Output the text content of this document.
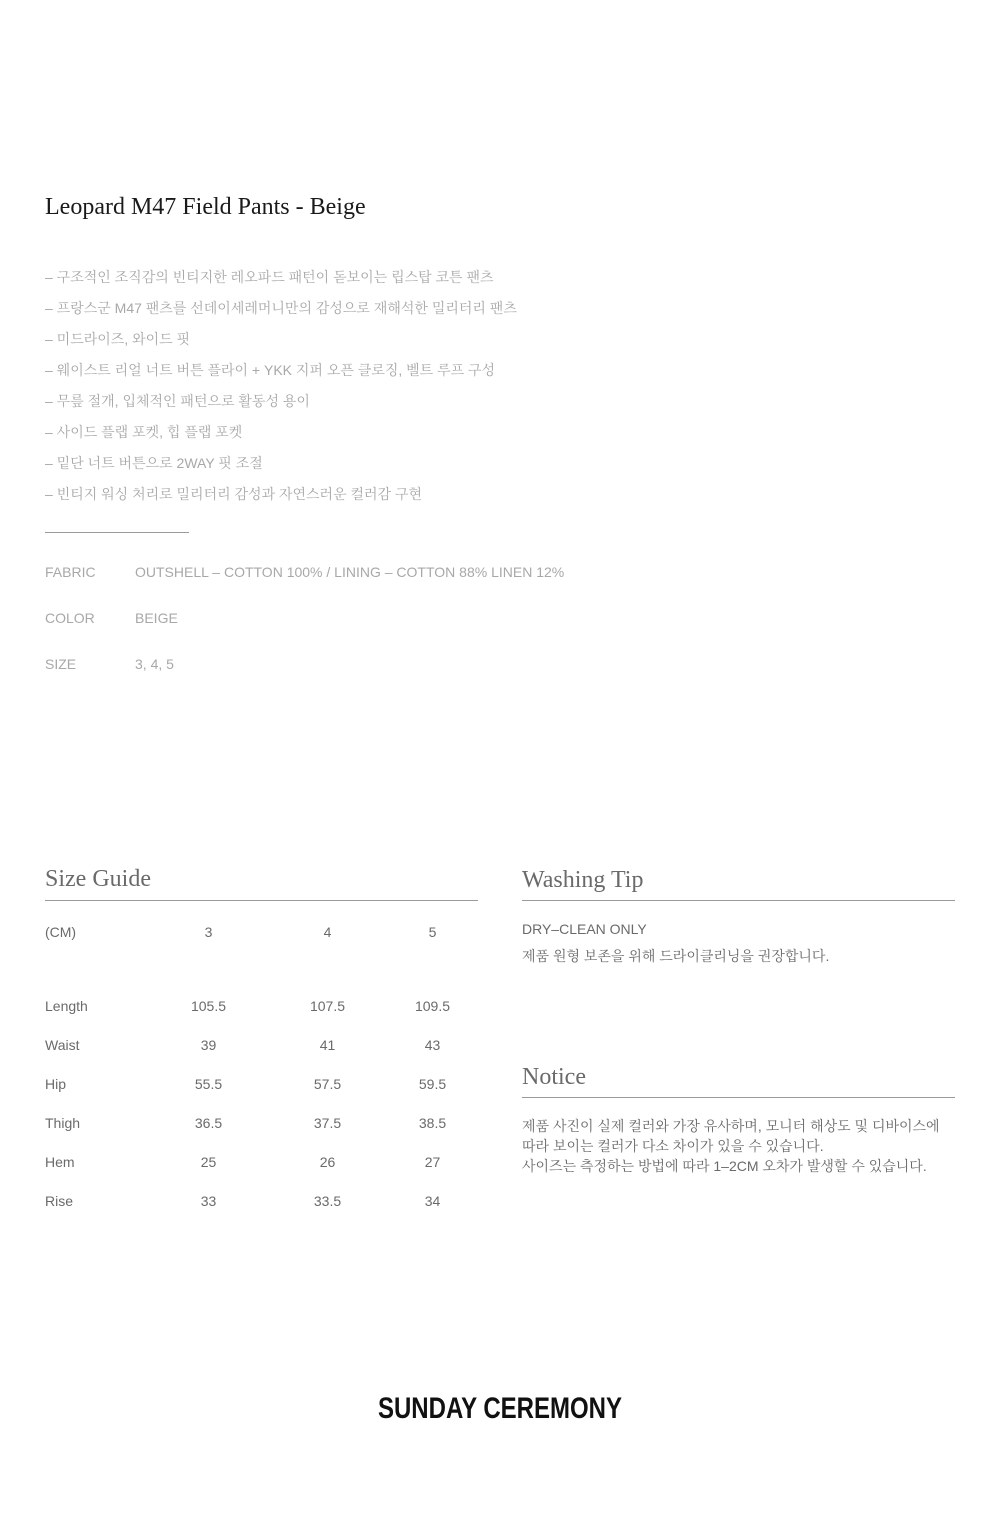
Leopard M47 Field Pants - Beige
– 구조적인 조직감의 빈티지한 레오파드 패턴이 돋보이는 립스탑 코튼 팬츠
– 프랑스군 M47 팬츠를 선데이세레머니만의 감성으로 재해석한 밀리터리 팬츠
– 미드라이즈, 와이드 핏
– 웨이스트 리얼 너트 버튼 플라이 + YKK 지퍼 오픈 클로징, 벨트 루프 구성
– 무릎 절개, 입체적인 패턴으로 활동성 용이
– 사이드 플랩 포켓, 힙 플랩 포켓
– 밑단 너트 버튼으로 2WAY 핏 조절
– 빈티지 워싱 처리로 밀리터리 감성과 자연스러운 컬러감 구현
FABRIC	OUTSHELL – COTTON 100% / LINING – COTTON 88% LINEN 12%
COLOR	BEIGE
SIZE	3, 4, 5
Size Guide
(CM)	3	4	5

Length	105.5	107.5	109.5
Waist	39	41	43
Hip	55.5	57.5	59.5
Thigh	36.5	37.5	38.5
Hem	25	26	27
Rise	33	33.5	34
Washing Tip
DRY–CLEAN ONLY
제품 원형 보존을 위해 드라이클리닝을 권장합니다.
Notice
제품 사진이 실제 컬러와 가장 유사하며, 모니터 해상도 및 디바이스에
따라 보이는 컬러가 다소 차이가 있을 수 있습니다.
사이즈는 측정하는 방법에 따라 1–2CM 오차가 발생할 수 있습니다.
SUNDAY CEREMONY
